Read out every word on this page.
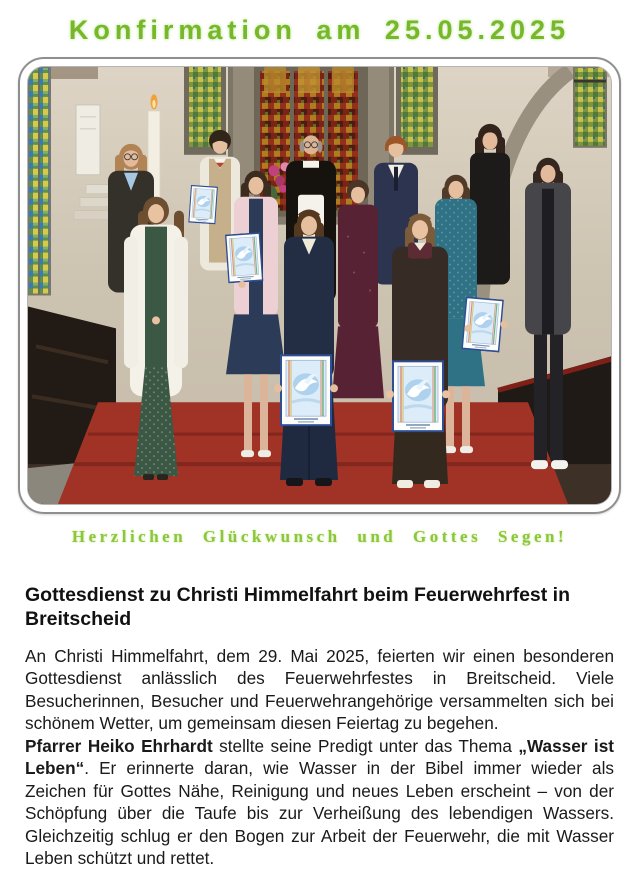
Konfirmation am 25.05.2025
Herzlichen Glückwunsch und Gottes Segen!
Gottesdienst zu Christi Himmelfahrt beim Feuerwehrfest in Breitscheid

An Christi Himmelfahrt, dem 29. Mai 2025, feierten wir einen besonderen Gottesdienst anlässlich des Feuerwehrfestes in Breitscheid. Viele Besucherinnen, Besucher und Feuerwehrangehörige versammelten sich bei schönem Wetter, um gemeinsam diesen Feiertag zu begehen.

Pfarrer Heiko Ehrhardt stellte seine Predigt unter das Thema „Wasser ist Leben“. Er erinnerte daran, wie Wasser in der Bibel immer wieder als Zeichen für Gottes Nähe, Reinigung und neues Leben erscheint – von der Schöpfung über die Taufe bis zur Verheißung des lebendigen Wassers. Gleichzeitig schlug er den Bogen zur Arbeit der Feuerwehr, die mit Wasser Leben schützt und rettet.
